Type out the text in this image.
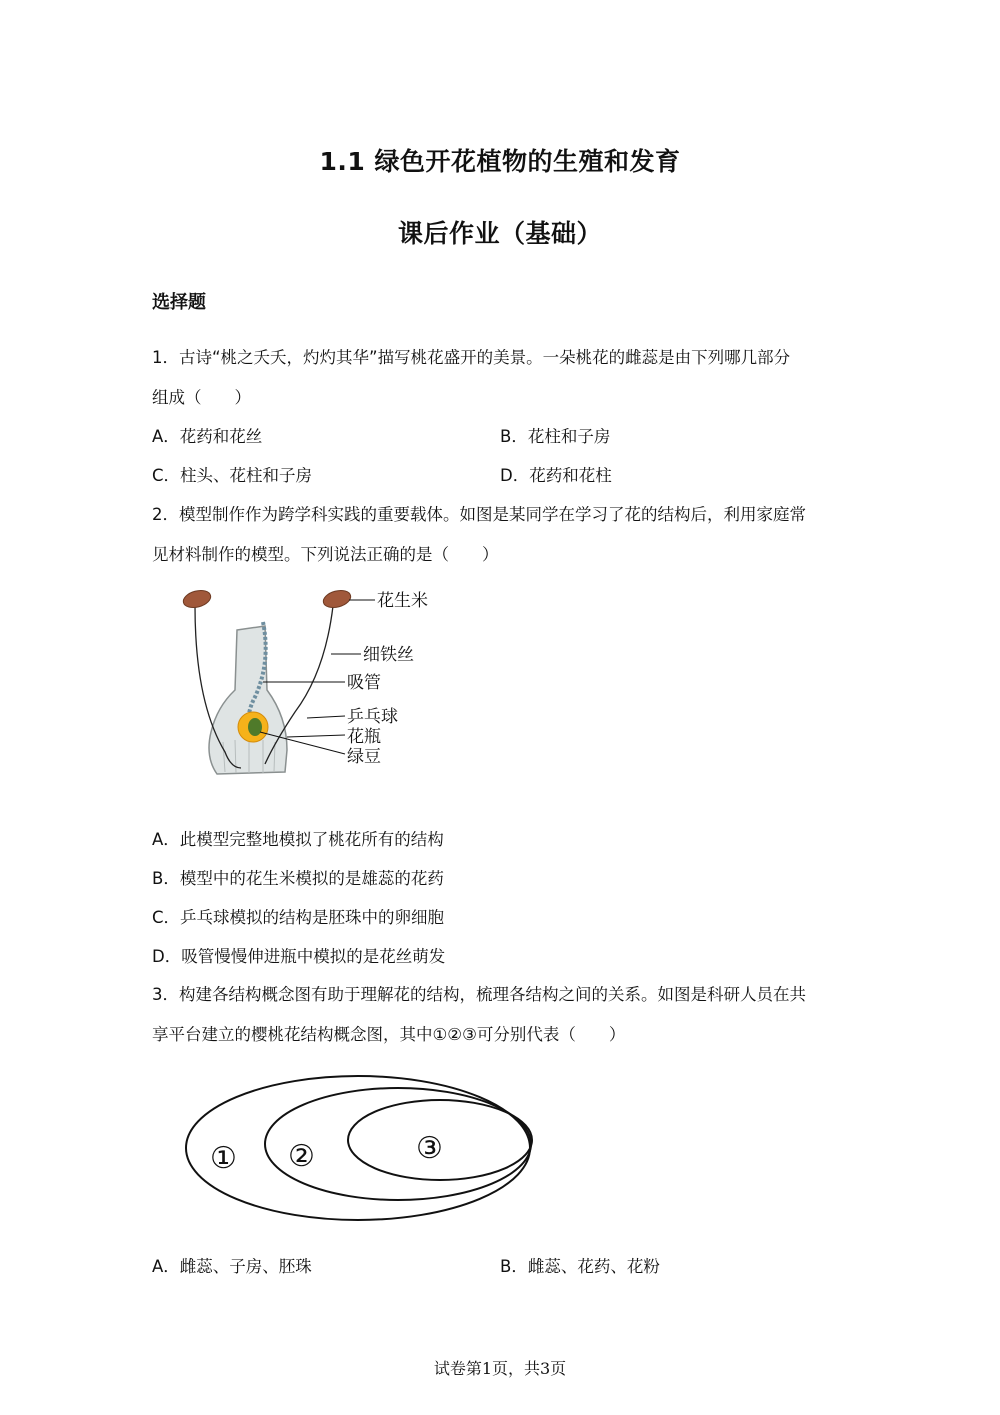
1.1 绿色开花植物的生殖和发育
课后作业（基础）
选择题
1．古诗“桃之夭夭，灼灼其华”描写桃花盛开的美景。一朵桃花的雌蕊是由下列哪几部分
组成（　　）
A．花药和花丝	B．花柱和子房
C．柱头、花柱和子房	D．花药和花柱
2．模型制作作为跨学科实践的重要载体。如图是某同学在学习了花的结构后，利用家庭常
见材料制作的模型。下列说法正确的是（　　）
花生米
细铁丝
吸管
乒乓球
花瓶
绿豆
A．此模型完整地模拟了桃花所有的结构
B．模型中的花生米模拟的是雄蕊的花药
C．乒乓球模拟的结构是胚珠中的卵细胞
D．吸管慢慢伸进瓶中模拟的是花丝萌发
3．构建各结构概念图有助于理解花的结构，梳理各结构之间的关系。如图是科研人员在共
享平台建立的樱桃花结构概念图，其中①②③可分别代表（　　）
① ②	③
A．雌蕊、子房、胚珠	B．雌蕊、花药、花粉
试卷第1页，共3页
